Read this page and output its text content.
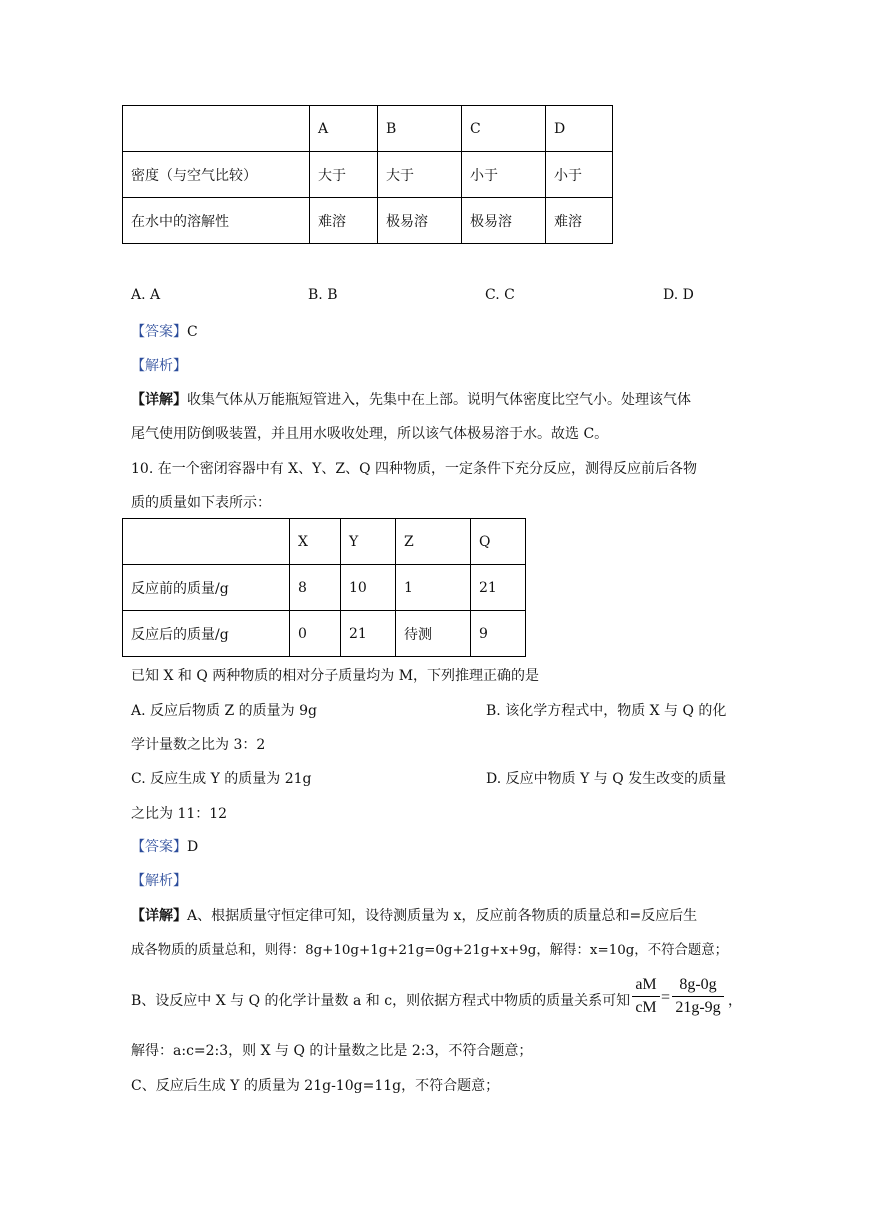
	A	B	C	D
密度（与空气比较）	大于	大于	小于	小于
在水中的溶解性	难溶	极易溶	极易溶	难溶
A. A	B. B	C. C	D. D
【答案】C
【解析】
【详解】收集气体从万能瓶短管进入，先集中在上部。说明气体密度比空气小。处理该气体
尾气使用防倒吸装置，并且用水吸收处理，所以该气体极易溶于水。故选 C。
10. 在一个密闭容器中有 X、Y、Z、Q 四种物质，一定条件下充分反应，测得反应前后各物
质的质量如下表所示：
	X	Y	Z	Q
反应前的质量/g	8	10	1	21
反应后的质量/g	0	21	待测	9
已知 X 和 Q 两种物质的相对分子质量均为 M，下列推理正确的是
A. 反应后物质 Z 的质量为 9g	B. 该化学方程式中，物质 X 与 Q 的化
学计量数之比为 3：2
C. 反应生成 Y 的质量为 21g	D. 反应中物质 Y 与 Q 发生改变的质量
之比为 11：12
【答案】D
【解析】
【详解】A、根据质量守恒定律可知，设待测质量为 x，反应前各物质的质量总和=反应后生
成各物质的质量总和，则得：8g+10g+1g+21g=0g+21g+x+9g，解得：x=10g，不符合题意；
B、设反应中 X 与 Q 的化学计量数 a 和 c，则依据方程式中物质的质量关系可知
aM
cM
=
8g-0g
21g-9g ，
解得：a:c=2:3，则 X 与 Q 的计量数之比是 2:3，不符合题意；
C、反应后生成 Y 的质量为 21g-10g=11g，不符合题意；
